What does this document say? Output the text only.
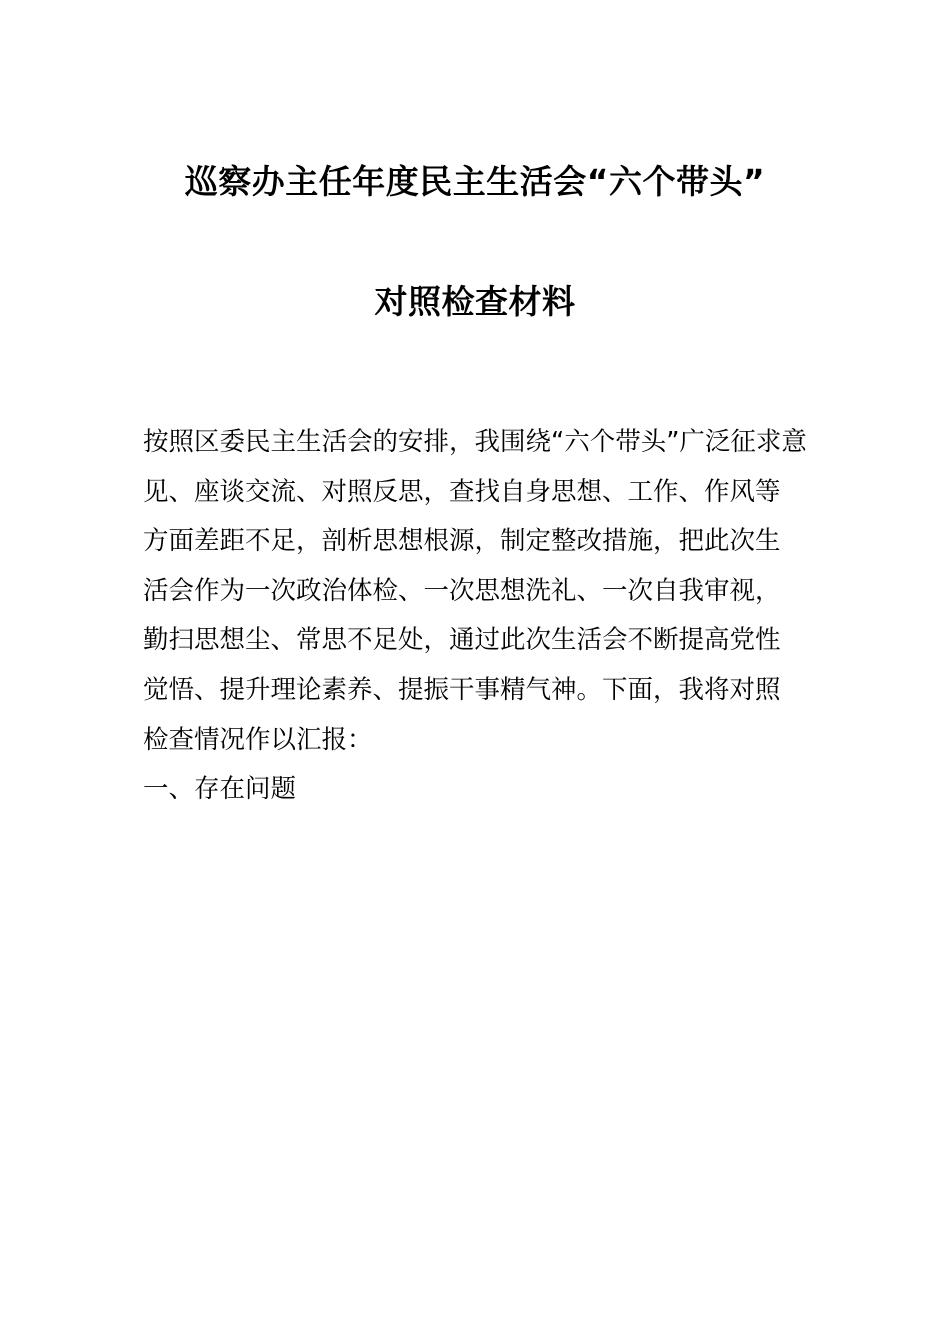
巡察办主任年度民主生活会“六个带头”
对照检查材料
按照区委民主生活会的安排，我围绕“六个带头”广泛征求意
见、座谈交流、对照反思，查找自身思想、工作、作风等
方面差距不足，剖析思想根源，制定整改措施，把此次生
活会作为一次政治体检、一次思想洗礼、一次自我审视，
勤扫思想尘、常思不足处，通过此次生活会不断提高党性
觉悟、提升理论素养、提振干事精气神。下面，我将对照
检查情况作以汇报：
一、存在问题
